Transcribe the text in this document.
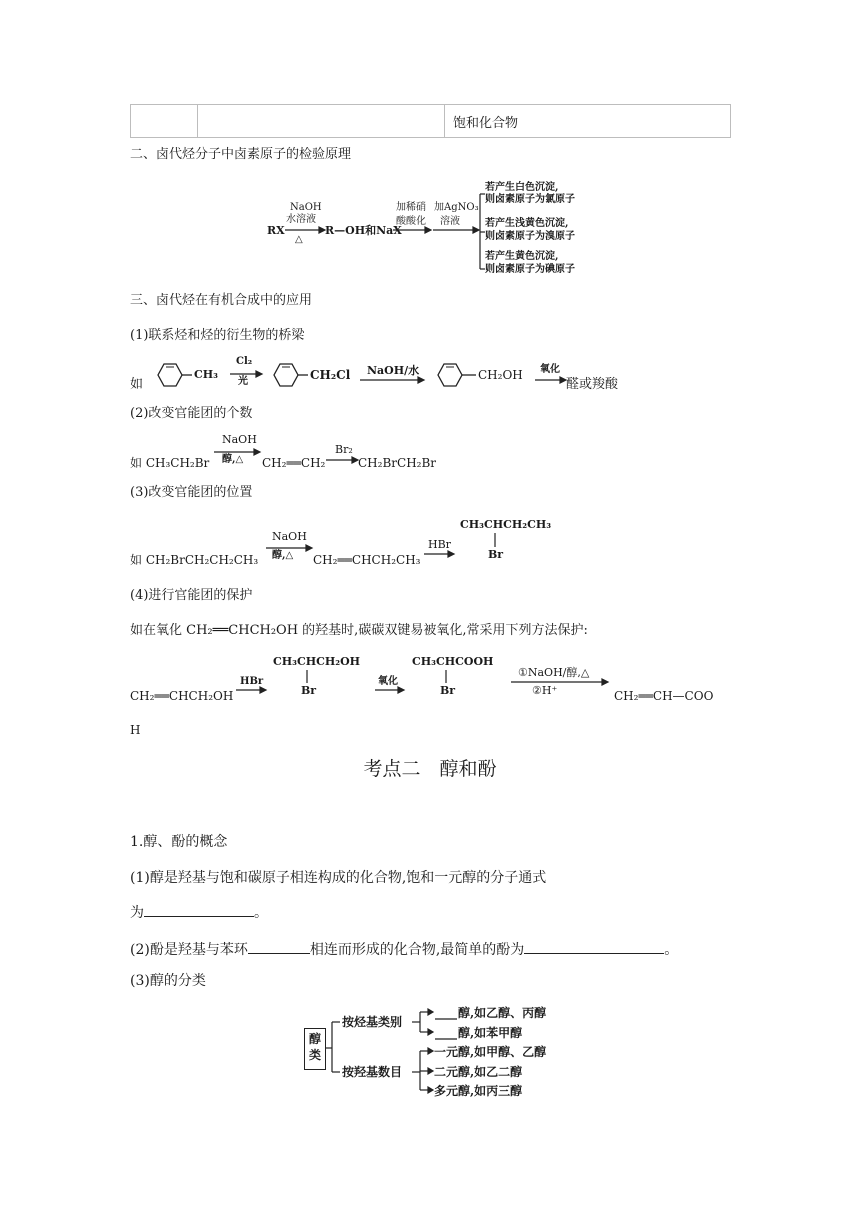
		饱和化合物
二、卤代烃分子中卤素原子的检验原理
RX
NaOH
水溶液
△
R—OH和NaX
加稀硝
酸酸化
加AgNO₃
溶液
若产生白色沉淀,
则卤素原子为氯原子
若产生浅黄色沉淀,
则卤素原子为溴原子
若产生黄色沉淀,
则卤素原子为碘原子
三、卤代烃在有机合成中的应用
(1)联系烃和烃的衍生物的桥梁
如
CH₃
Cl₂
光	CH₂Cl NaOH/水	CH₂OH 氧化
醛或羧酸
(2)改变官能团的个数
如 CH₃CH₂Br
NaOH
醇,△ CH₂══CH₂
Br₂
CH₂BrCH₂Br
(3)改变官能团的位置
如 CH₂BrCH₂CH₂CH₃
NaOH
醇,△ CH₂══CHCH₂CH₃
HBr
CH₃CHCH₂CH₃
Br
(4)进行官能团的保护
如在氧化 CH₂══CHCH₂OH 的羟基时,碳碳双键易被氧化,常采用下列方法保护:
CH₂══CHCH₂OH
HBr
CH₃CHCH₂OH
Br
氧化
CH₃CHCOOH
Br
①NaOH/醇,△
②H⁺	CH₂══CH—COO
H
考点二　醇和酚
1.醇、酚的概念
(1)醇是羟基与饱和碳原子相连构成的化合物,饱和一元醇的分子通式
为	。
(2)酚是羟基与苯环	相连而形成的化合物,最简单的酚为	。
(3)醇的分类
醇类
按烃基类别
按羟基数目
醇,如乙醇、丙醇
醇,如苯甲醇
一元醇,如甲醇、乙醇
二元醇,如乙二醇
多元醇,如丙三醇
